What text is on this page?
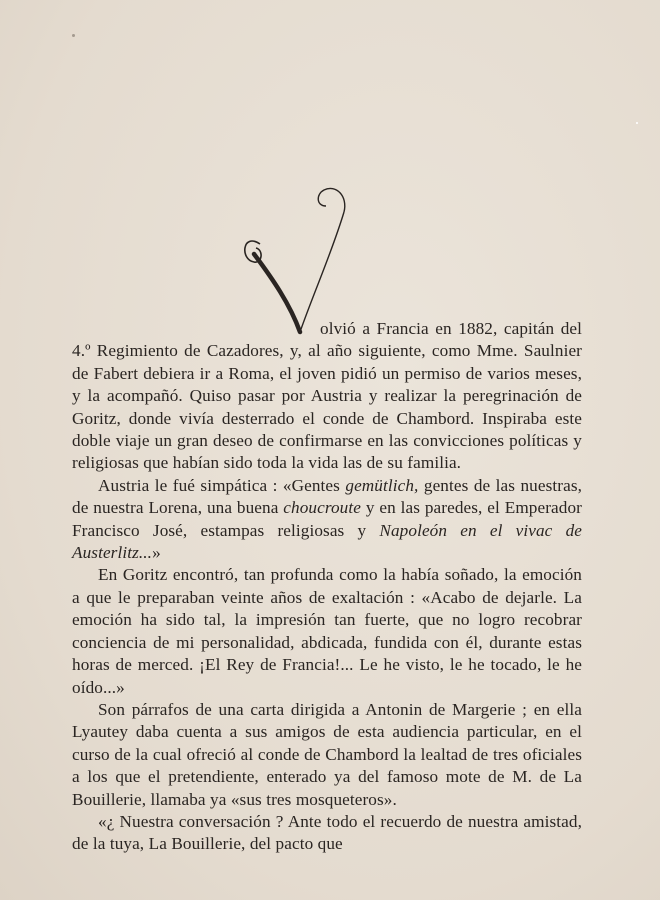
olvió a Francia en 1882, capitán del 4.º Regimiento de Cazadores, y, al año siguiente, como Mme. Saulnier de Fabert debiera ir a Roma, el joven pidió un permiso de varios meses, y la acompañó. Quiso pasar por Austria y realizar la peregrinación de Goritz, donde vivía desterrado el conde de Chambord. Inspiraba este doble viaje un gran deseo de confirmarse en las convicciones políticas y religiosas que habían sido toda la vida las de su familia.

Austria le fué simpática : «Gentes gemütlich, gentes de las nuestras, de nuestra Lorena, una buena choucroute y en las paredes, el Emperador Francisco José, estampas religiosas y Napoleón en el vivac de Austerlitz...»

En Goritz encontró, tan profunda como la había soñado, la emoción a que le preparaban veinte años de exaltación : «Acabo de dejarle. La emoción ha sido tal, la impresión tan fuerte, que no logro recobrar conciencia de mi personalidad, abdicada, fundida con él, durante estas horas de merced. ¡El Rey de Francia!... Le he visto, le he tocado, le he oído...»

Son párrafos de una carta dirigida a Antonin de Margerie ; en ella Lyautey daba cuenta a sus amigos de esta audiencia particular, en el curso de la cual ofreció al conde de Chambord la lealtad de tres oficiales a los que el pretendiente, enterado ya del famoso mote de M. de La Bouillerie, llamaba ya «sus tres mosqueteros».

«¿ Nuestra conversación ? Ante todo el recuerdo de nuestra amistad, de la tuya, La Bouillerie, del pacto que
